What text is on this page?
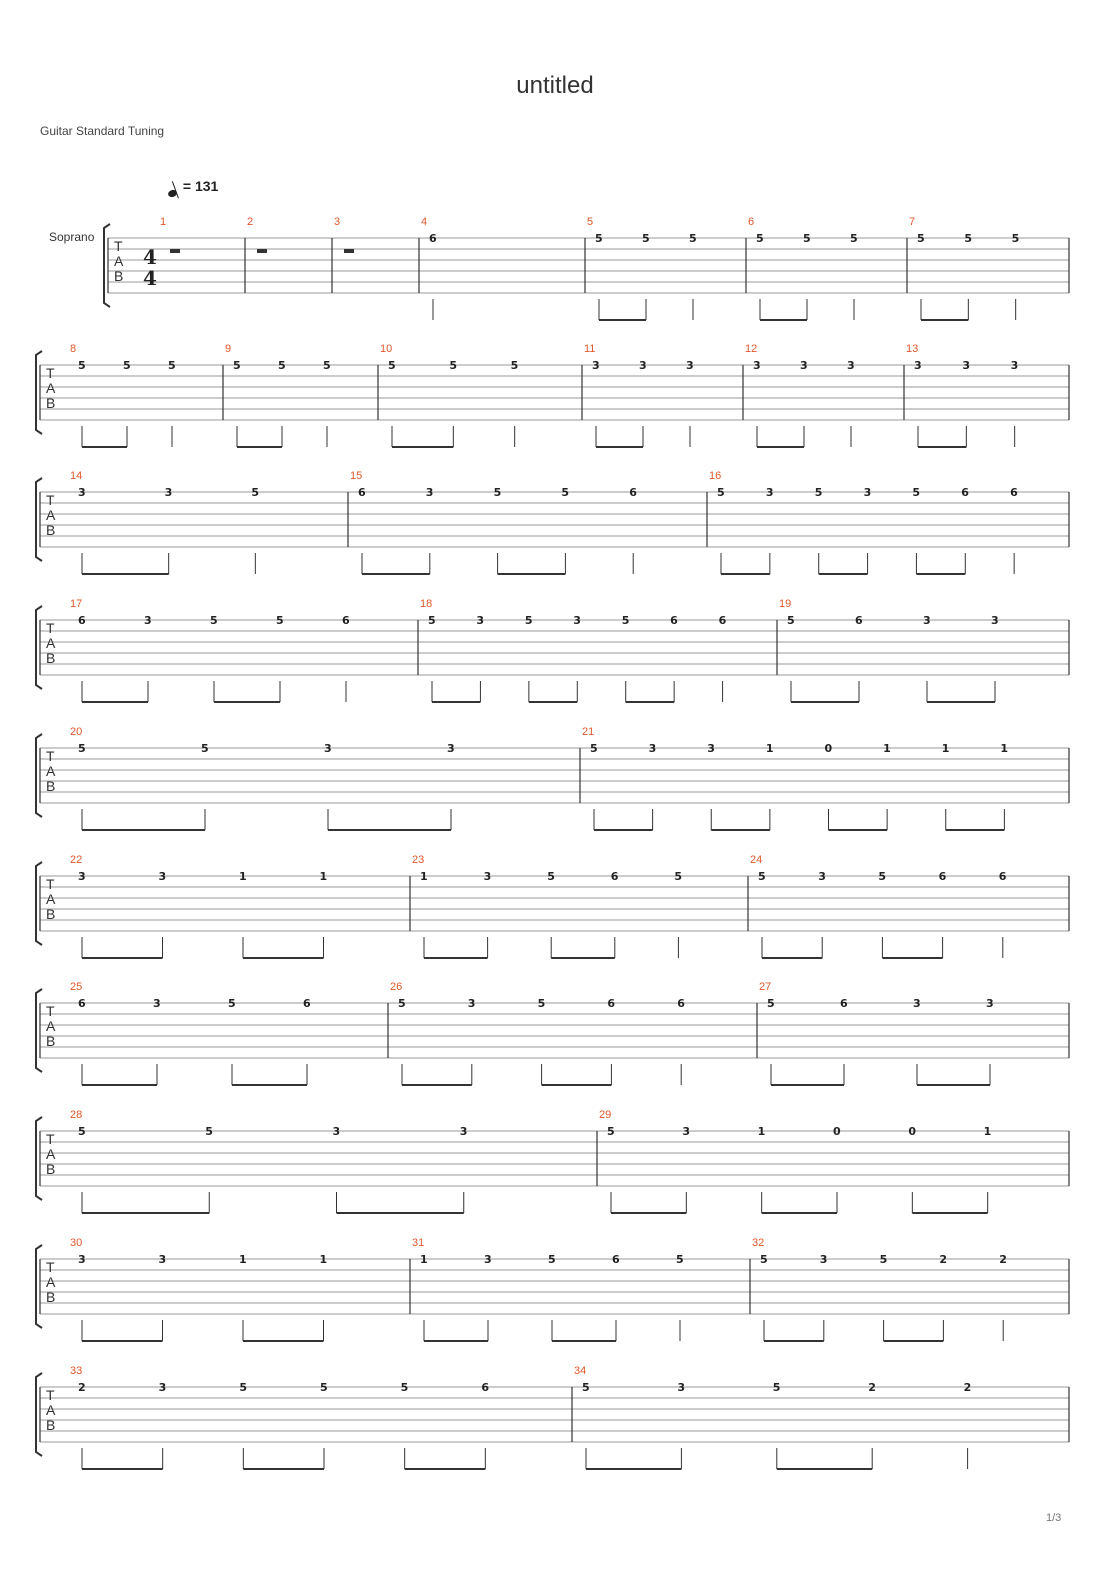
untitled
Guitar Standard Tuning
= 131
Soprano
1/3
T
A
B
4
4
1	2	3	4
6
5
5	5	5
6
5	5	5
7
5	5	5
T
A
B
8
5	5	5
9
5	5	5
10
5	5	5
11
3	3	3
12
3	3	3
13
3	3	3
T
A
B
14
3	3	5
15
6	3	5	5	6
16
5	3	5	3	5	6	6
T
A
B
17
6	3	5	5	6
18
5	3	5	3	5	6	6
19
5	6	3	3
T
A
B
20
5	5	3	3
21
5	3	3	1	0	1	1	1
T
A
B
22
3	3	1	1
23
1	3	5	6	5
24
5	3	5	6	6
T
A
B
25
6	3	5	6
26
5	3	5	6	6
27
5	6	3	3
T
A
B
28
5	5	3	3
29
5	3	1	0	0	1
T
A
B
30
3	3	1	1
31
1	3	5	6	5
32
5	3	5	2	2
T
A
B
33
2	3	5	5	5	6
34
5	3	5	2	2
